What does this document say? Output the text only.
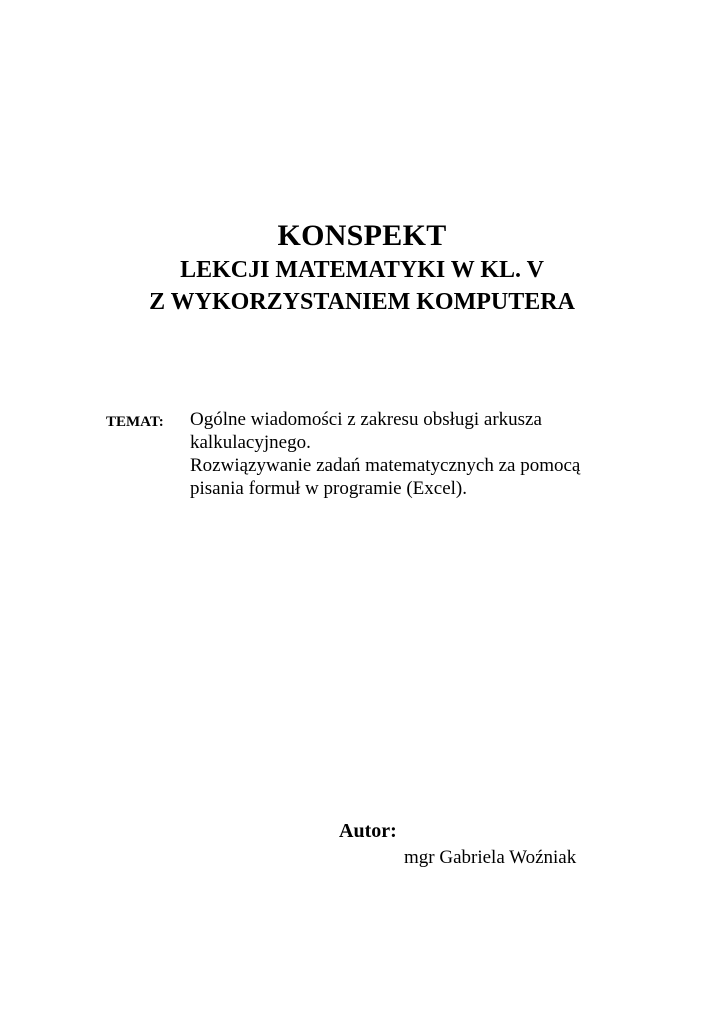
KONSPEKT
LEKCJI MATEMATYKI W KL. V
Z WYKORZYSTANIEM KOMPUTERA
TEMAT: Ogólne wiadomości z zakresu obsługi arkusza
kalkulacyjnego.
Rozwiązywanie zadań matematycznych za pomocą
pisania formuł w programie (Excel).
Autor:
mgr Gabriela Woźniak
